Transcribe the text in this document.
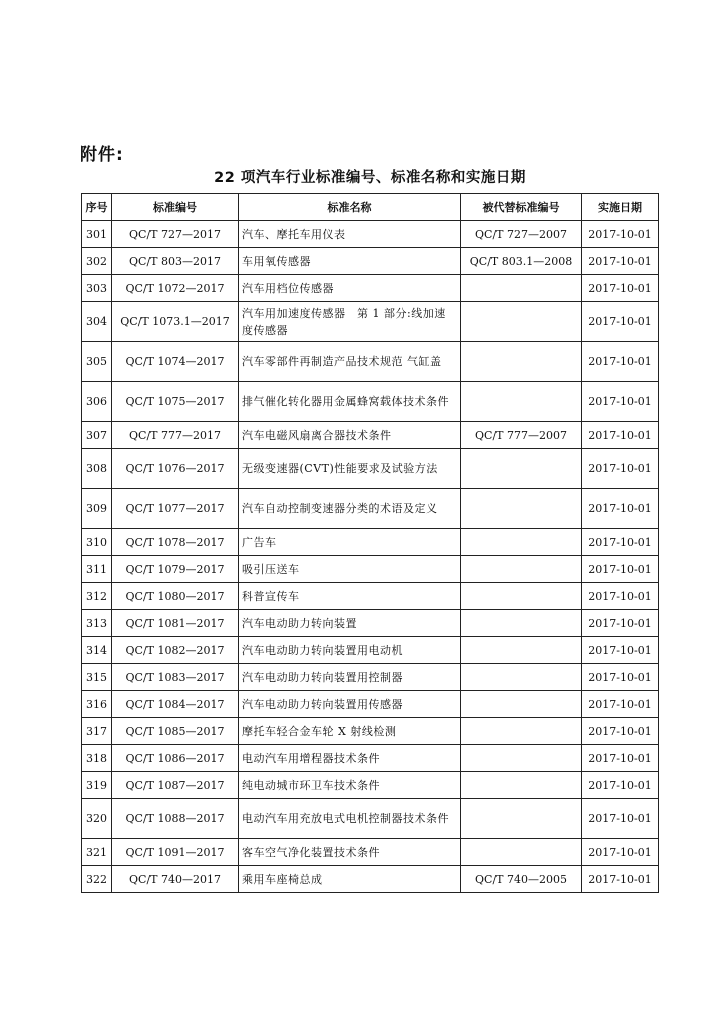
附件:
22 项汽车行业标准编号、标准名称和实施日期
序号	标准编号	标准名称	被代替标准编号	实施日期
301	QC/T 727—2017	汽车、摩托车用仪表	QC/T 727—2007	2017-10-01
302	QC/T 803—2017	车用氧传感器	QC/T 803.1—2008	2017-10-01
303	QC/T 1072—2017	汽车用档位传感器		2017-10-01
304	QC/T 1073.1—2017	汽车用加速度传感器　第 1 部分:线加速度传感器		2017-10-01
305	QC/T 1074—2017	汽车零部件再制造产品技术规范 气缸盖		2017-10-01
306	QC/T 1075—2017	排气催化转化器用金属蜂窝载体技术条件		2017-10-01
307	QC/T 777—2017	汽车电磁风扇离合器技术条件	QC/T 777—2007	2017-10-01
308	QC/T 1076—2017	无级变速器(CVT)性能要求及试验方法		2017-10-01
309	QC/T 1077—2017	汽车自动控制变速器分类的术语及定义		2017-10-01
310	QC/T 1078—2017	广告车		2017-10-01
311	QC/T 1079—2017	吸引压送车		2017-10-01
312	QC/T 1080—2017	科普宣传车		2017-10-01
313	QC/T 1081—2017	汽车电动助力转向装置		2017-10-01
314	QC/T 1082—2017	汽车电动助力转向装置用电动机		2017-10-01
315	QC/T 1083—2017	汽车电动助力转向装置用控制器		2017-10-01
316	QC/T 1084—2017	汽车电动助力转向装置用传感器		2017-10-01
317	QC/T 1085—2017	摩托车轻合金车轮 X 射线检测		2017-10-01
318	QC/T 1086—2017	电动汽车用增程器技术条件		2017-10-01
319	QC/T 1087—2017	纯电动城市环卫车技术条件		2017-10-01
320	QC/T 1088—2017	电动汽车用充放电式电机控制器技术条件		2017-10-01
321	QC/T 1091—2017	客车空气净化装置技术条件		2017-10-01
322	QC/T 740—2017	乘用车座椅总成	QC/T 740—2005	2017-10-01
